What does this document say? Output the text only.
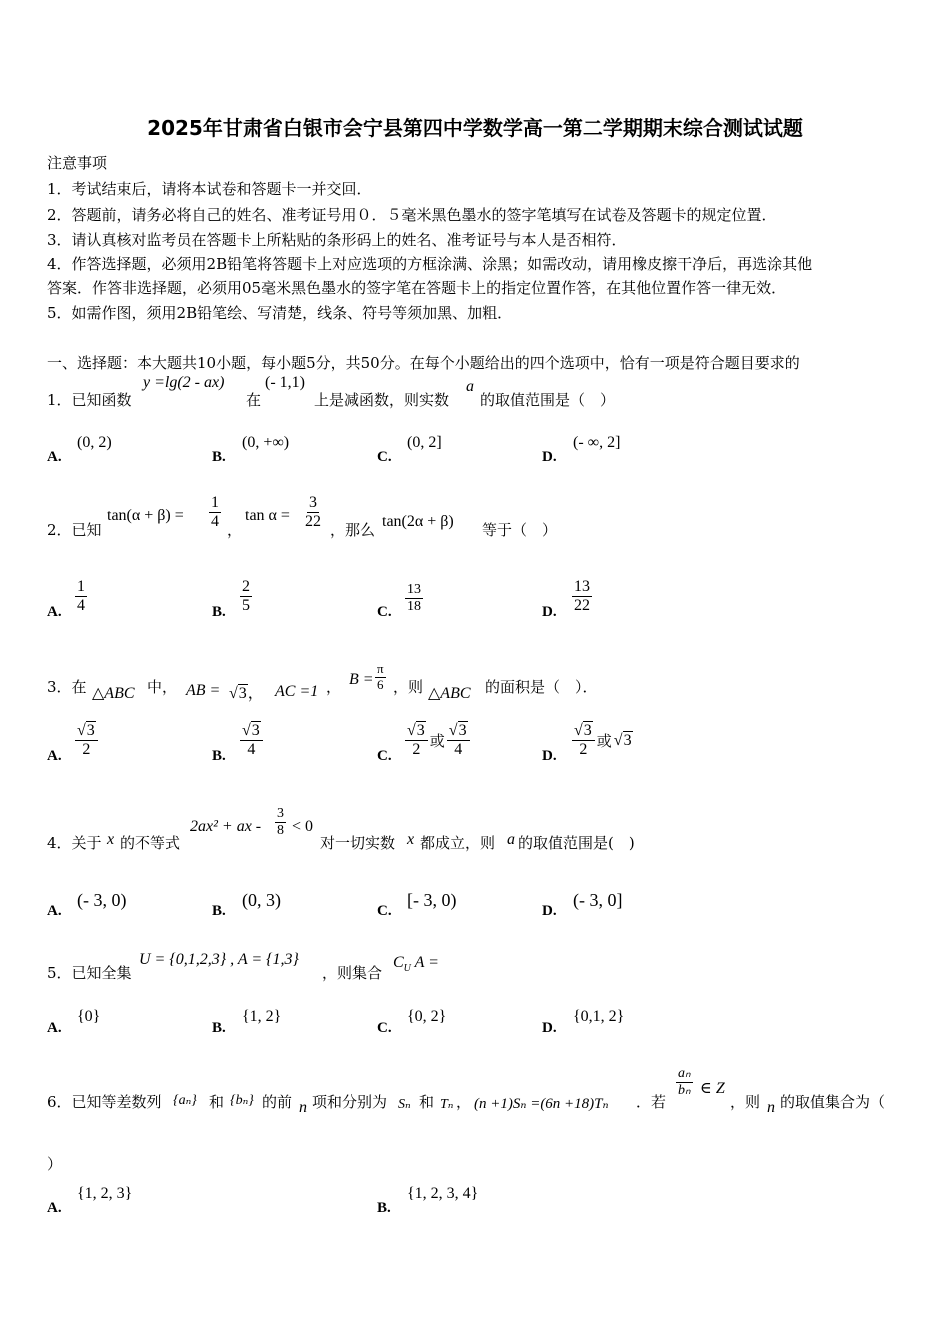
2025年甘肃省白银市会宁县第四中学数学高一第二学期期末综合测试试题
注意事项
1．考试结束后，请将本试卷和答题卡一并交回．
2．答题前，请务必将自己的姓名、准考证号用０．５毫米黑色墨水的签字笔填写在试卷及答题卡的规定位置．
3．请认真核对监考员在答题卡上所粘贴的条形码上的姓名、准考证号与本人是否相符．
4．作答选择题，必须用2B铅笔将答题卡上对应选项的方框涂满、涂黑；如需改动，请用橡皮擦干净后，再选涂其他
答案．作答非选择题，必须用05毫米黑色墨水的签字笔在答题卡上的指定位置作答，在其他位置作答一律无效．
5．如需作图，须用2B铅笔绘、写清楚，线条、符号等须加黑、加粗．
一、选择题：本大题共10小题，每小题5分，共50分。在每个小题给出的四个选项中，恰有一项是符合题目要求的
1．已知函数
y =lg(2 - ax)
在
(- 1,1)
上是减函数，则实数
a
的取值范围是（　）
A.
(0, 2)
B.
(0, +∞)
C.
(0, 2]
D.
(- ∞, 2]
2．已知
$\tan(\alpha + \beta) = \frac{1}{4}$ ，
$\tan \alpha = \frac{3}{22}$ ，那么 tan(2α + β) 等于（　）
A. $\frac{1}{4}$	B. $\frac{2}{5}$	C. $\frac{13}{18}$	D. $\frac{13}{22}$
3．在 △ABC 中， AB = √3， AC =1 ， $B = \frac{\pi}{6}$ ，则 △ABC 的面积是（　）．
A. $\frac{√3}{2}$	B. $\frac{√3}{4}$	C. $\frac{√3}{2}$ 或 $\frac{√3}{4}$	D. $\frac{√3}{2}$ 或 √3
4．关于 x 的不等式
2ax² + ax - $\frac{3}{8} < 0$
对一切实数 x 都成立，则 a 的取值范围是(　)
A.
(- 3, 0)
B.
(0, 3)
C.
[- 3, 0)
D.
(- 3, 0]
5．已知全集
U = {0,1,2,3} , A = {1,3}
，则集合
$C_U$ A =
A.
{0}
B.
{1, 2}
C.
{0, 2}
D.
{0,1, 2}
6．已知等差数列 {aₙ} 和 {bₙ} 的前 n 项和分别为 Sₙ 和 Tₙ ， (n +1)Sₙ =(6n +18)Tₙ ．若
$\frac{\text{aₙ}}{\text{bₙ}}$ ∈ Z
，则 n 的取值集合为（
）
A.
{1, 2, 3}
B.
{1, 2, 3, 4}
